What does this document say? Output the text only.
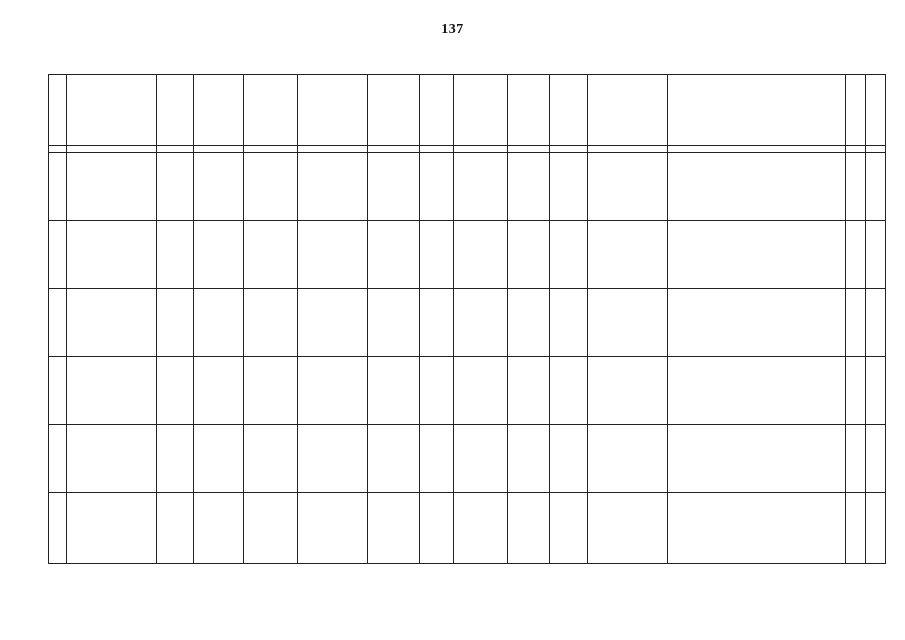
137
